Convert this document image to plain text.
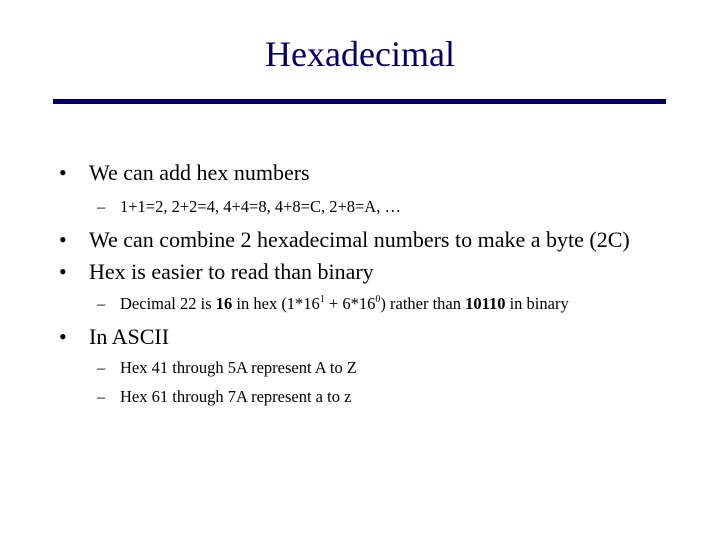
Hexadecimal
• We can add hex numbers
– 1+1=2, 2+2=4, 4+4=8, 4+8=C, 2+8=A, …
• We can combine 2 hexadecimal numbers to make a byte (2C)
• Hex is easier to read than binary
– Decimal 22 is 16 in hex $(1*16^1 + 6*16^0)$ rather than 10110 in binary
• In ASCII
– Hex 41 through 5A represent A to Z
– Hex 61 through 7A represent a to z
